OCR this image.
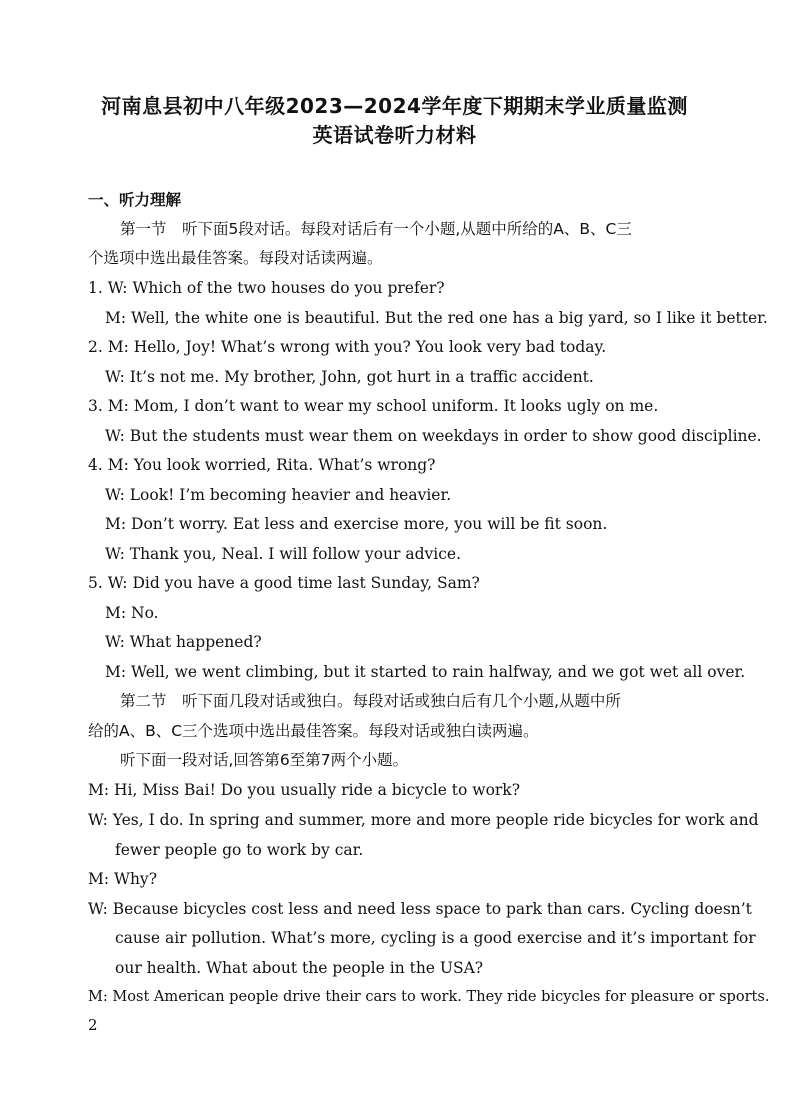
河南息县初中八年级2023—2024学年度下期期末学业质量监测
英语试卷听力材料
一、听力理解
第一节　听下面5段对话。每段对话后有一个小题,从题中所给的A、B、C三
个选项中选出最佳答案。每段对话读两遍。
1. W: Which of the two houses do you prefer?
M: Well, the white one is beautiful. But the red one has a big yard, so I like it better.
2. M: Hello, Joy! What’s wrong with you? You look very bad today.
W: It’s not me. My brother, John, got hurt in a traffic accident.
3. M: Mom, I don’t want to wear my school uniform. It looks ugly on me.
W: But the students must wear them on weekdays in order to show good discipline.
4. M: You look worried, Rita. What’s wrong?
W: Look! I’m becoming heavier and heavier.
M: Don’t worry. Eat less and exercise more, you will be fit soon.
W: Thank you, Neal. I will follow your advice.
5. W: Did you have a good time last Sunday, Sam?
M: No.
W: What happened?
M: Well, we went climbing, but it started to rain halfway, and we got wet all over.
第二节　听下面几段对话或独白。每段对话或独白后有几个小题,从题中所
给的A、B、C三个选项中选出最佳答案。每段对话或独白读两遍。
听下面一段对话,回答第6至第7两个小题。
M: Hi, Miss Bai! Do you usually ride a bicycle to work?
W: Yes, I do. In spring and summer, more and more people ride bicycles for work and
fewer people go to work by car.
M: Why?
W: Because bicycles cost less and need less space to park than cars. Cycling doesn’t
cause air pollution. What’s more, cycling is a good exercise and it’s important for
our health. What about the people in the USA?
M: Most American people drive their cars to work. They ride bicycles for pleasure or sports.
2
